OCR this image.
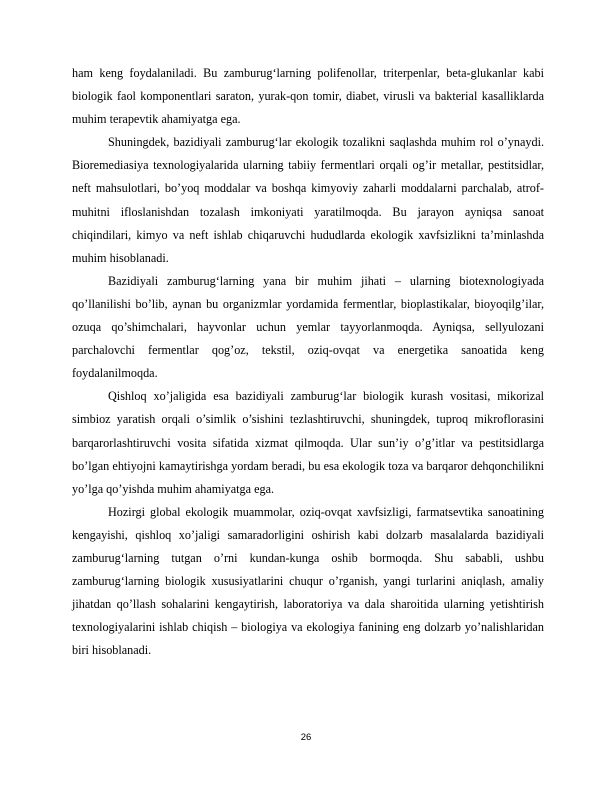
ham keng foydalaniladi. Bu zamburug‘larning polifenollar, triterpenlar, beta-glukanlar kabi biologik faol komponentlari saraton, yurak-qon tomir, diabet, virusli va bakterial kasalliklarda muhim terapevtik ahamiyatga ega.

Shuningdek, bazidiyali zamburug‘lar ekologik tozalikni saqlashda muhim rol o’ynaydi. Bioremediasiya texnologiyalarida ularning tabiiy fermentlari orqali og’ir metallar, pestitsidlar, neft mahsulotlari, bo’yoq moddalar va boshqa kimyoviy zaharli moddalarni parchalab, atrof-muhitni ifloslanishdan tozalash imkoniyati yaratilmoqda. Bu jarayon ayniqsa sanoat chiqindilari, kimyo va neft ishlab chiqaruvchi hududlarda ekologik xavfsizlikni ta’minlashda muhim hisoblanadi.

Bazidiyali zamburug‘larning yana bir muhim jihati – ularning biotexnologiyada qo’llanilishi bo’lib, aynan bu organizmlar yordamida fermentlar, bioplastikalar, bioyoqilg’ilar, ozuqa qo’shimchalari, hayvonlar uchun yemlar tayyorlanmoqda. Ayniqsa, sellyulozani parchalovchi fermentlar qog’oz, tekstil, oziq-ovqat va energetika sanoatida keng foydalanilmoqda.

Qishloq xo’jaligida esa bazidiyali zamburug‘lar biologik kurash vositasi, mikorizal simbioz yaratish orqali o’simlik o’sishini tezlashtiruvchi, shuningdek, tuproq mikroflorasini barqarorlashtiruvchi vosita sifatida xizmat qilmoqda. Ular sun’iy o’g’itlar va pestitsidlarga bo’lgan ehtiyojni kamaytirishga yordam beradi, bu esa ekologik toza va barqaror dehqonchilikni yo’lga qo’yishda muhim ahamiyatga ega.

Hozirgi global ekologik muammolar, oziq-ovqat xavfsizligi, farmatsevtika sanoatining kengayishi, qishloq xo’jaligi samaradorligini oshirish kabi dolzarb masalalarda bazidiyali zamburug‘larning tutgan o’rni kundan-kunga oshib bormoqda. Shu sababli, ushbu zamburug‘larning biologik xususiyatlarini chuqur o’rganish, yangi turlarini aniqlash, amaliy jihatdan qo’llash sohalarini kengaytirish, laboratoriya va dala sharoitida ularning yetishtirish texnologiyalarini ishlab chiqish – biologiya va ekologiya fanining eng dolzarb yo’nalishlaridan biri hisoblanadi.

26
